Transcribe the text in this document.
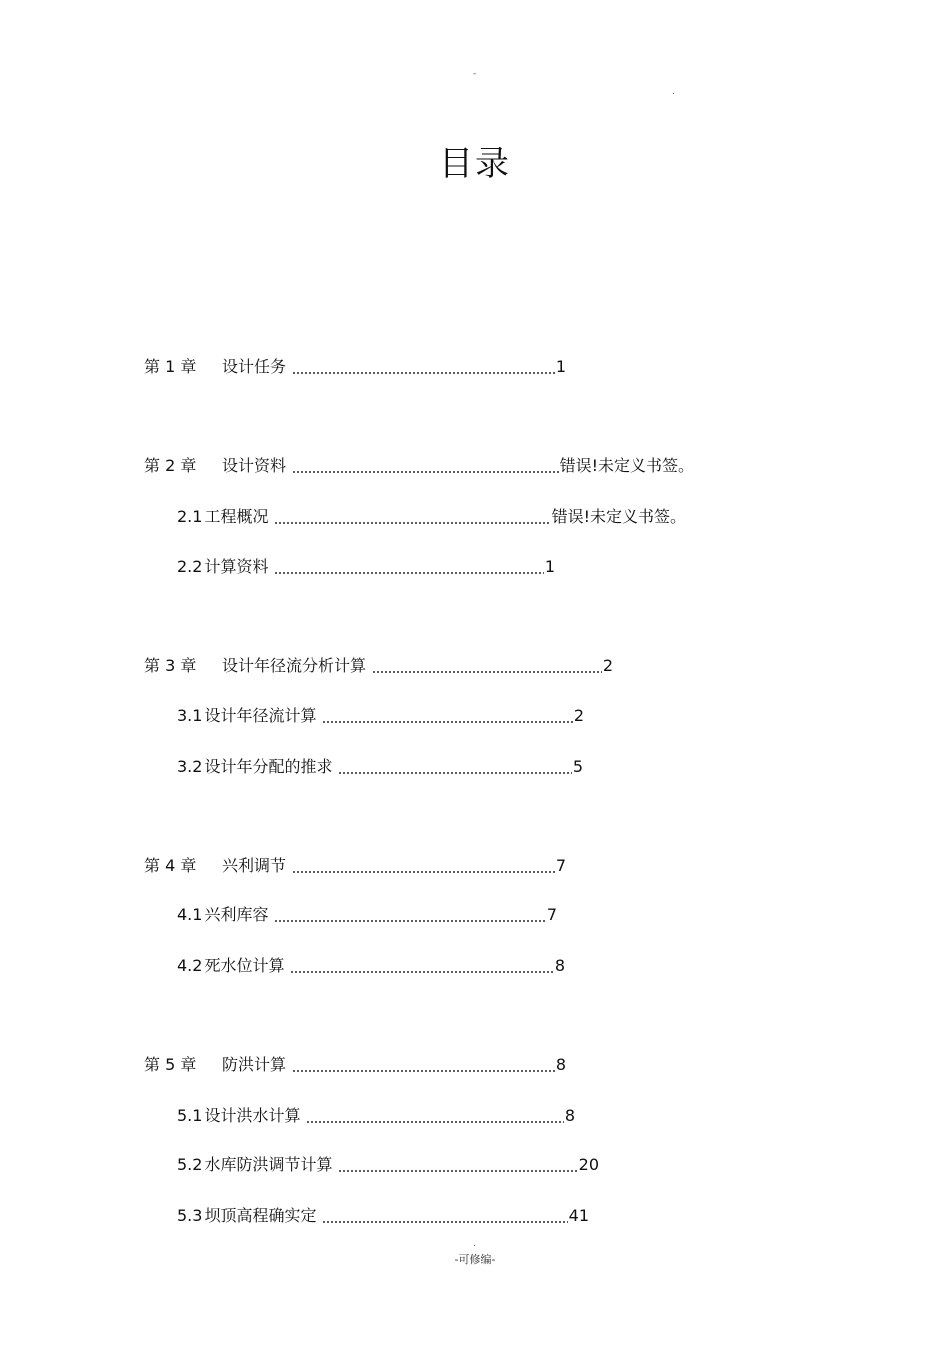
-
.
目录
第 1 章	设计任务	1
第 2 章	设计资料	错误!未定义书签。
2.1 工程概况	错误!未定义书签。
2.2 计算资料	1
第 3 章	设计年径流分析计算	2
3.1 设计年径流计算	2
3.2 设计年分配的推求	5
第 4 章	兴利调节	7
4.1 兴利库容	7
4.2 死水位计算	8
第 5 章	防洪计算	8
5.1 设计洪水计算	8
5.2 水库防洪调节计算	20
5.3 坝顶高程确实定	41
.
-可修编-
